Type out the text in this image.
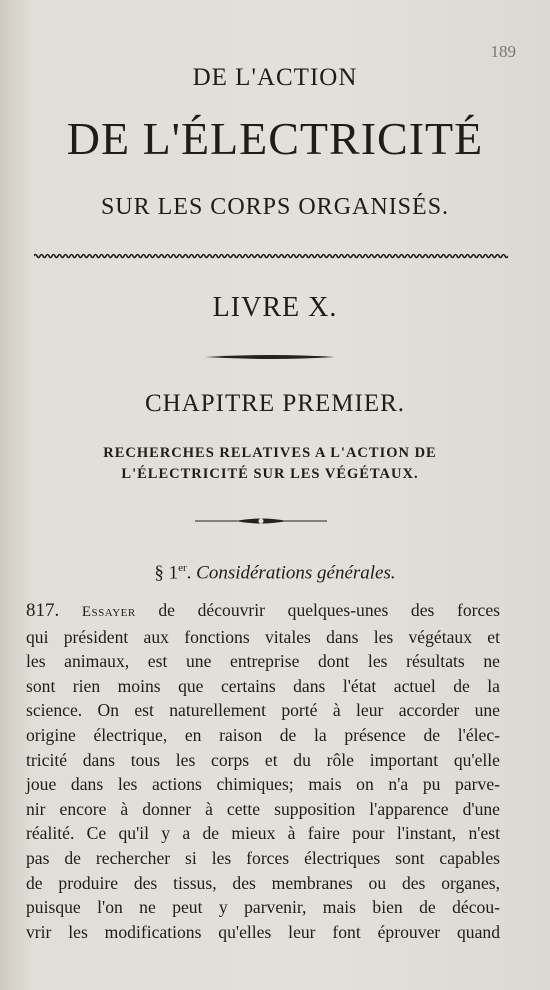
189
DE L'ACTION
DE L'ÉLECTRICITÉ
SUR LES CORPS ORGANISÉS.
LIVRE X.
CHAPITRE PREMIER.
RECHERCHES RELATIVES A L'ACTION DE
L'ÉLECTRICITÉ SUR LES VÉGÉTAUX.
§ 1er. Considérations générales.
817. Essayer de découvrir quelques-unes des forces
qui président aux fonctions vitales dans les végétaux et
les animaux, est une entreprise dont les résultats ne
sont rien moins que certains dans l'état actuel de la
science. On est naturellement porté à leur accorder une
origine électrique, en raison de la présence de l'élec-
tricité dans tous les corps et du rôle important qu'elle
joue dans les actions chimiques; mais on n'a pu parve-
nir encore à donner à cette supposition l'apparence d'une
réalité. Ce qu'il y a de mieux à faire pour l'instant, n'est
pas de rechercher si les forces électriques sont capables
de produire des tissus, des membranes ou des organes,
puisque l'on ne peut y parvenir, mais bien de décou-
vrir les modifications qu'elles leur font éprouver quand
